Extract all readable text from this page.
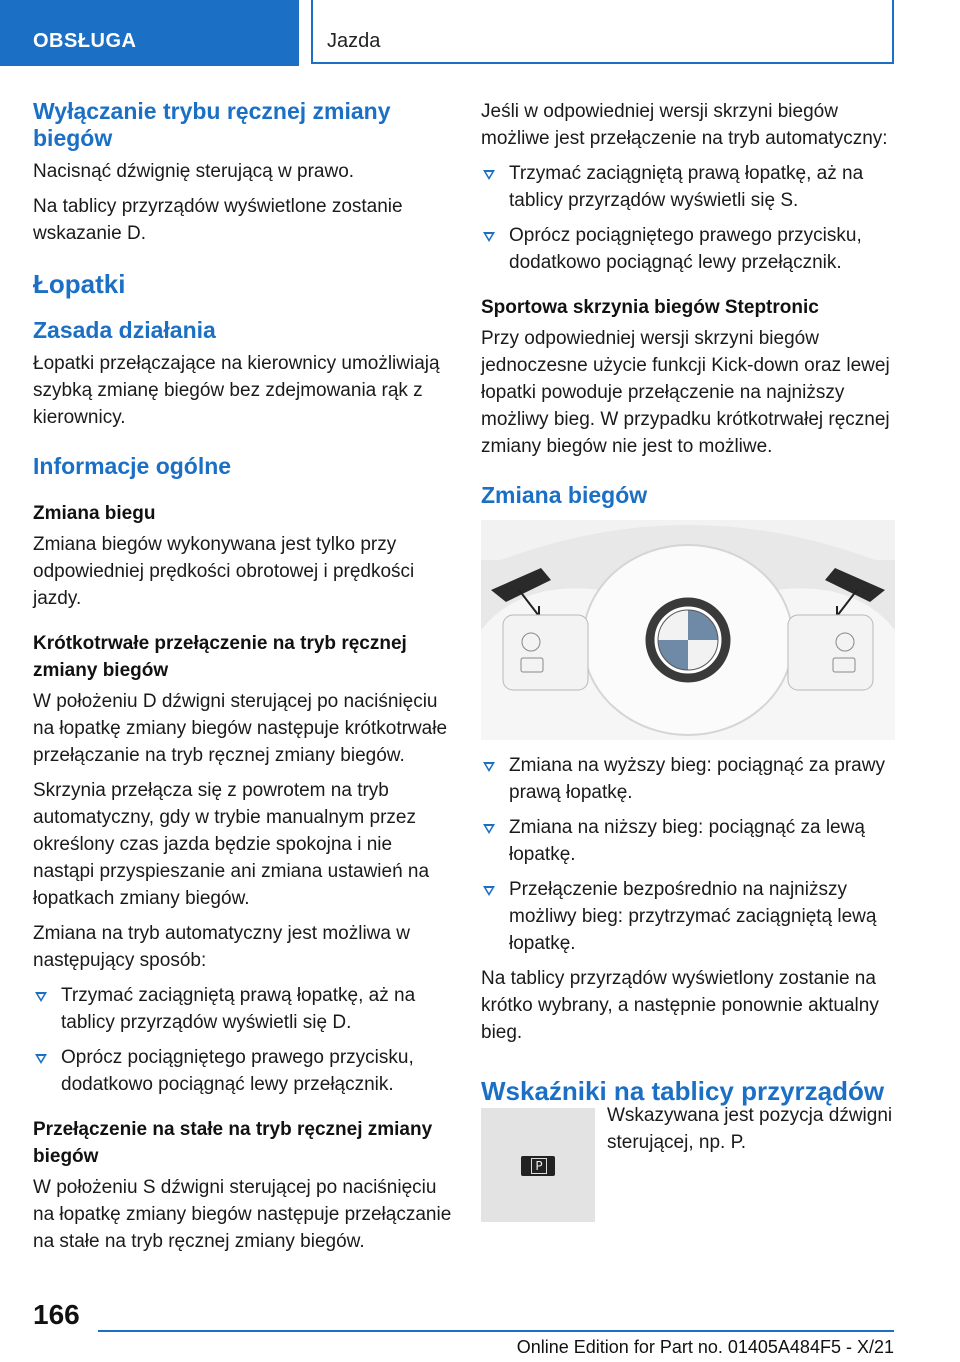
OBSŁUGA	Jazda
Wyłączanie trybu ręcznej zmiany biegów

Nacisnąć dźwignię sterującą w prawo.

Na tablicy przyrządów wyświetlone zostanie wskazanie D.

Łopatki
Zasada działania

Łopatki przełączające na kierownicy umożliwiają szybką zmianę biegów bez zdejmowania rąk z kierownicy.

Informacje ogólne
Zmiana biegu

Zmiana biegów wykonywana jest tylko przy odpowiedniej prędkości obrotowej i prędkości jazdy.

Krótkotrwałe przełączenie na tryb ręcznej zmiany biegów

W położeniu D dźwigni sterującej po naciśnięciu na łopatkę zmiany biegów następuje krótkotrwałe przełączanie na tryb ręcznej zmiany biegów.

Skrzynia przełącza się z powrotem na tryb automatyczny, gdy w trybie manualnym przez określony czas jazda będzie spokojna i nie nastąpi przyspieszanie ani zmiana ustawień na łopatkach zmiany biegów.

Zmiana na tryb automatyczny jest możliwa w następujący sposób:

Trzymać zaciągniętą prawą łopatkę, aż na tablicy przyrządów wyświetli się D.
Oprócz pociągniętego prawego przycisku, dodatkowo pociągnąć lewy przełącznik.
Przełączenie na stałe na tryb ręcznej zmiany biegów

W położeniu S dźwigni sterującej po naciśnięciu na łopatkę zmiany biegów następuje przełączanie na stałe na tryb ręcznej zmiany biegów.

Jeśli w odpowiedniej wersji skrzyni biegów możliwe jest przełączenie na tryb automatyczny:

Trzymać zaciągniętą prawą łopatkę, aż na tablicy przyrządów wyświetli się S.
Oprócz pociągniętego prawego przycisku, dodatkowo pociągnąć lewy przełącznik.
Sportowa skrzynia biegów Steptronic

Przy odpowiedniej wersji skrzyni biegów jednoczesne użycie funkcji Kick-down oraz lewej łopatki powoduje przełączenie na najniższy możliwy bieg. W przypadku krótkotrwałej ręcznej zmiany biegów nie jest to możliwe.

Zmiana biegów
Zmiana na wyższy bieg: pociągnąć za prawy prawą łopatkę.
Zmiana na niższy bieg: pociągnąć za lewą łopatkę.
Przełączenie bezpośrednio na najniższy możliwy bieg: przytrzymać zaciągniętą lewą łopatkę.

Na tablicy przyrządów wyświetlony zostanie na krótko wybrany, a następnie ponownie aktualny bieg.

Wskaźniki na tablicy przyrządów
P

Wskazywana jest pozycja dźwigni sterującej, np. P.

166
Online Edition for Part no. 01405A484F5 - X/21
